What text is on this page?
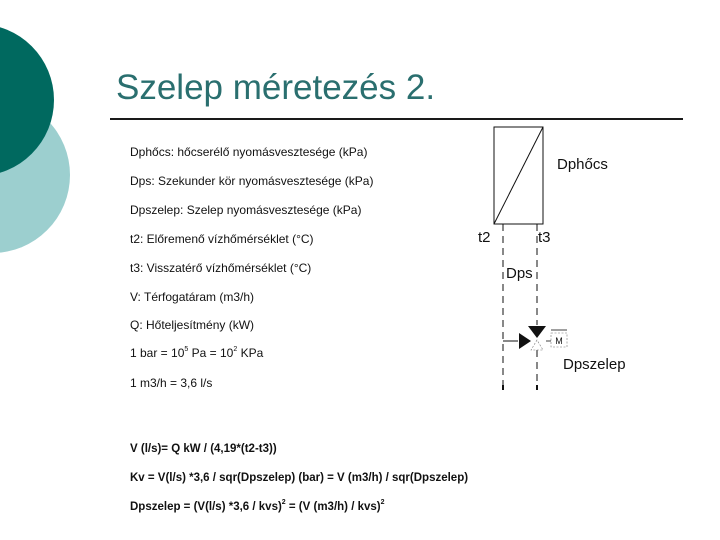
Szelep méretezés 2.
Dphőcs: hőcserélő nyomásvesztesége (kPa)
Dps: Szekunder kör nyomásvesztesége (kPa)
Dpszelep: Szelep nyomásvesztesége (kPa)
t2: Előremenő vízhőmérséklet (°C)
t3: Visszatérő vízhőmérséklet (°C)
V: Térfogatáram (m3/h)
Q: Hőteljesítmény (kW)
1 bar = $10^5$ $Pa = 10^2$ KPa
1 m3/h = 3,6 l/s
V (l/s)= Q kW / (4,19*(t2-t3))
Kv = V(l/s) *3,6 / sqr(Dpszelep) (bar) = V (m3/h) / sqr(Dpszelep)
Dpszelep = (V(l/s) *3,6 / kvs)$^2$ = (V (m3/h) / kvs)$^2$
M
Dphőcs
t2	t3
Dps
Dpszelep
